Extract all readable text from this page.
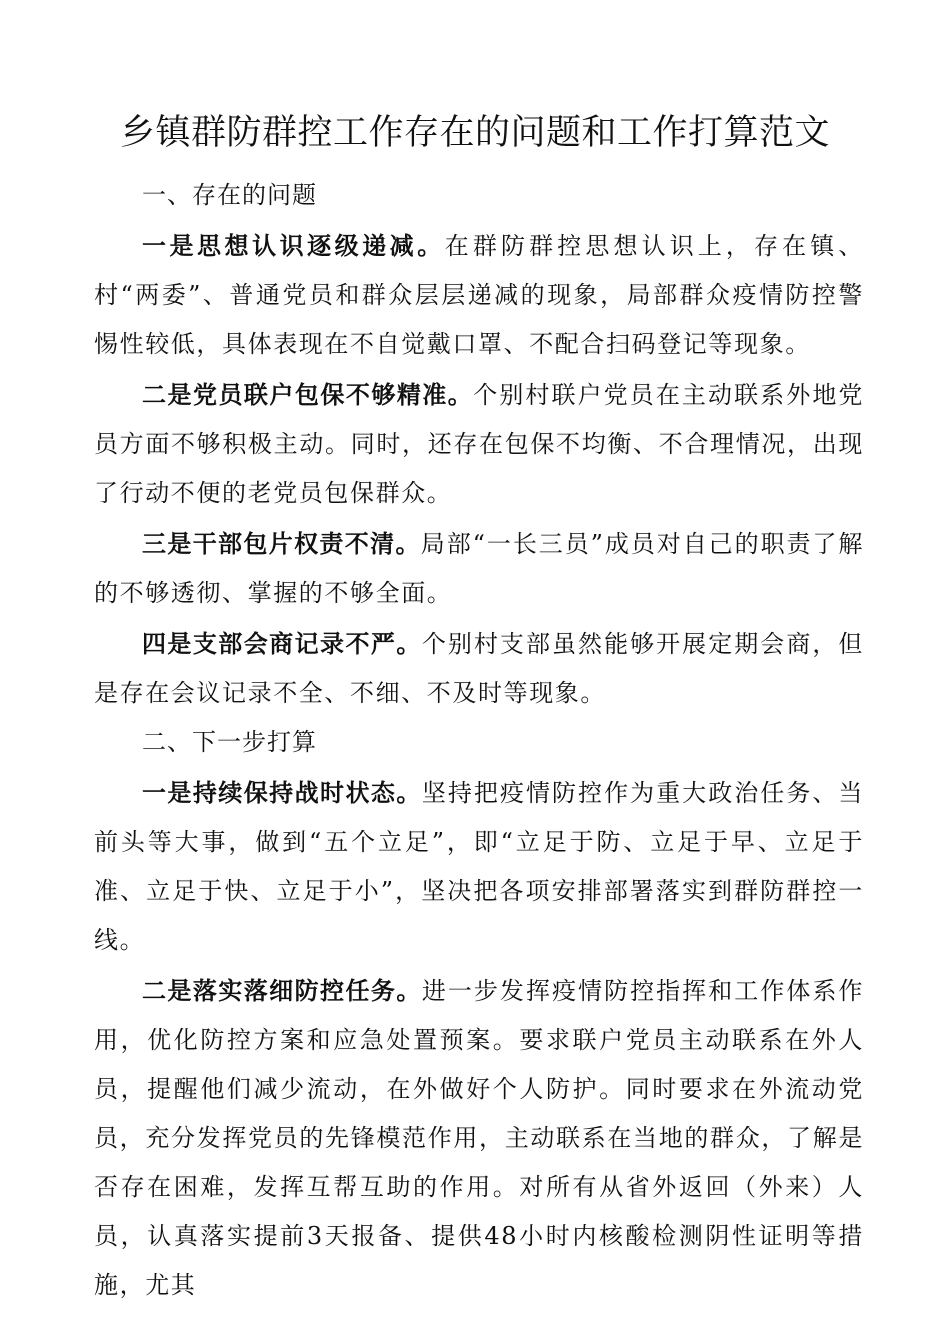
乡镇群防群控工作存在的问题和工作打算范文
一、存在的问题

一是思想认识逐级递减。在群防群控思想认识上，存在镇、村“两委”、普通党员和群众层层递减的现象，局部群众疫情防控警惕性较低，具体表现在不自觉戴口罩、不配合扫码登记等现象。

二是党员联户包保不够精准。个别村联户党员在主动联系外地党员方面不够积极主动。同时，还存在包保不均衡、不合理情况，出现了行动不便的老党员包保群众。

三是干部包片权责不清。局部“一长三员”成员对自己的职责了解的不够透彻、掌握的不够全面。

四是支部会商记录不严。个别村支部虽然能够开展定期会商，但是存在会议记录不全、不细、不及时等现象。

二、下一步打算

一是持续保持战时状态。坚持把疫情防控作为重大政治任务、当前头等大事，做到“五个立足”，即“立足于防、立足于早、立足于准、立足于快、立足于小”，坚决把各项安排部署落实到群防群控一线。

二是落实落细防控任务。进一步发挥疫情防控指挥和工作体系作用，优化防控方案和应急处置预案。要求联户党员主动联系在外人员，提醒他们减少流动，在外做好个人防护。同时要求在外流动党员，充分发挥党员的先锋模范作用，主动联系在当地的群众，了解是否存在困难，发挥互帮互助的作用。对所有从省外返回（外来）人员，认真落实提前3天报备、提供48小时内核酸检测阴性证明等措施，尤其
